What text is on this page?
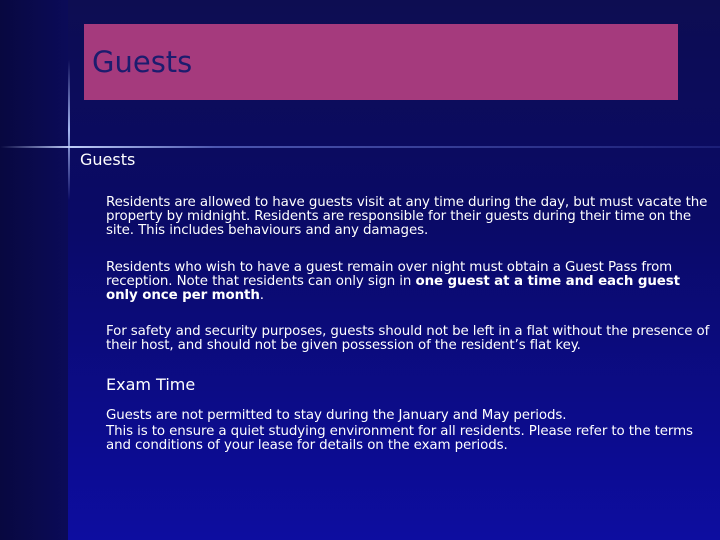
Guests
Guests
Residents are allowed to have guests visit at any time during the day, but must vacate the property by midnight. Residents are responsible for their guests during their time on the site. This includes behaviours and any damages.
Residents who wish to have a guest remain over night must obtain a Guest Pass from reception. Note that residents can only sign in one guest at a time and each guest only once per month.
For safety and security purposes, guests should not be left in a flat without the presence of their host, and should not be given possession of the resident’s flat key.
Exam Time
Guests are not permitted to stay during the January and May periods.
This is to ensure a quiet studying environment for all residents. Please refer to the terms and conditions of your lease for details on the exam periods.
